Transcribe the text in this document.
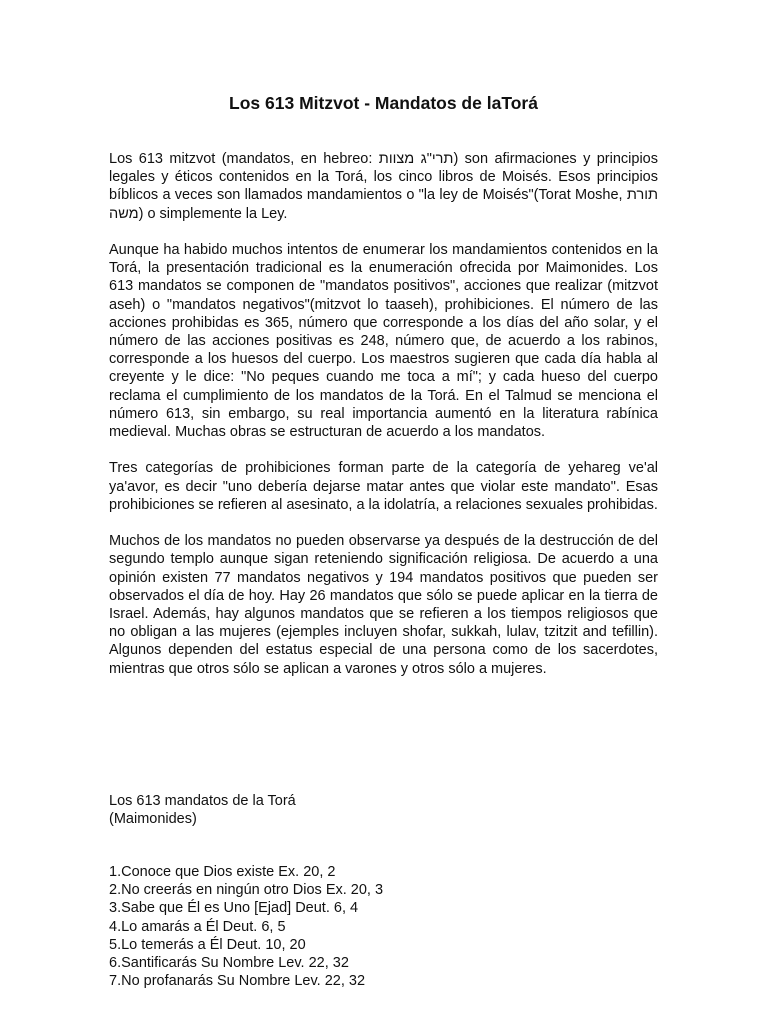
Los 613 Mitzvot - Mandatos de laTorá

Los 613 mitzvot (mandatos, en hebreo: תרי"ג מצוות) son afirmaciones y principios legales y éticos contenidos en la Torá, los cinco libros de Moisés. Esos principios bíblicos a veces son llamados mandamientos o "la ley de Moisés"(Torat Moshe, תורת משה) o simplemente la Ley.

Aunque ha habido muchos intentos de enumerar los mandamientos contenidos en la Torá, la presentación tradicional es la enumeración ofrecida por Maimonides. Los 613 mandatos se componen de "mandatos positivos", acciones que realizar (mitzvot aseh) o "mandatos negativos"(mitzvot lo taaseh), prohibiciones. El número de las acciones prohibidas es 365, número que corresponde a los días del año solar, y el número de las acciones positivas es 248, número que, de acuerdo a los rabinos, corresponde a los huesos del cuerpo. Los maestros sugieren que cada día habla al creyente y le dice: "No peques cuando me toca a mí"; y cada hueso del cuerpo reclama el cumplimiento de los mandatos de la Torá. En el Talmud se menciona el número 613, sin embargo, su real importancia aumentó en la literatura rabínica medieval. Muchas obras se estructuran de acuerdo a los mandatos.

Tres categorías de prohibiciones forman parte de la categoría de yehareg ve'al ya'avor, es decir "uno debería dejarse matar antes que violar este mandato". Esas prohibiciones se refieren al asesinato, a la idolatría, a relaciones sexuales prohibidas.

Muchos de los mandatos no pueden observarse ya después de la destrucción de del segundo templo aunque sigan reteniendo significación religiosa. De acuerdo a una opinión existen 77 mandatos negativos y 194 mandatos positivos que pueden ser observados el día de hoy. Hay 26 mandatos que sólo se puede aplicar en la tierra de Israel. Además, hay algunos mandatos que se refieren a los tiempos religiosos que no obligan a las mujeres (ejemples incluyen shofar, sukkah, lulav, tzitzit and tefillin). Algunos dependen del estatus especial de una persona como de los sacerdotes, mientras que otros sólo se aplican a varones y otros sólo a mujeres.

Los 613 mandatos de la Torá
(Maimonides)
1.Conoce que Dios existe Ex. 20, 2
2.No creerás en ningún otro Dios Ex. 20, 3
3.Sabe que Él es Uno [Ejad] Deut. 6, 4
4.Lo amarás a Él Deut. 6, 5
5.Lo temerás a Él Deut. 10, 20
6.Santificarás Su Nombre Lev. 22, 32
7.No profanarás Su Nombre Lev. 22, 32
